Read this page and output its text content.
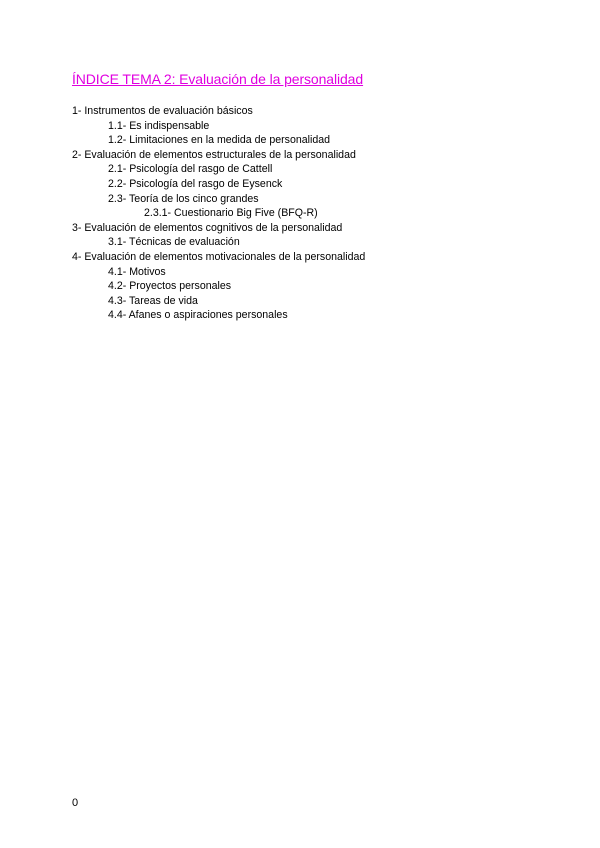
ÍNDICE TEMA 2: Evaluación de la personalidad
1- Instrumentos de evaluación básicos
1.1- Es indispensable
1.2- Limitaciones en la medida de personalidad
2- Evaluación de elementos estructurales de la personalidad
2.1- Psicología del rasgo de Cattell
2.2- Psicología del rasgo de Eysenck
2.3- Teoría de los cinco grandes
2.3.1- Cuestionario Big Five (BFQ-R)
3- Evaluación de elementos cognitivos de la personalidad
3.1- Técnicas de evaluación
4- Evaluación de elementos motivacionales de la personalidad
4.1- Motivos
4.2- Proyectos personales
4.3- Tareas de vida
4.4- Afanes o aspiraciones personales
0
